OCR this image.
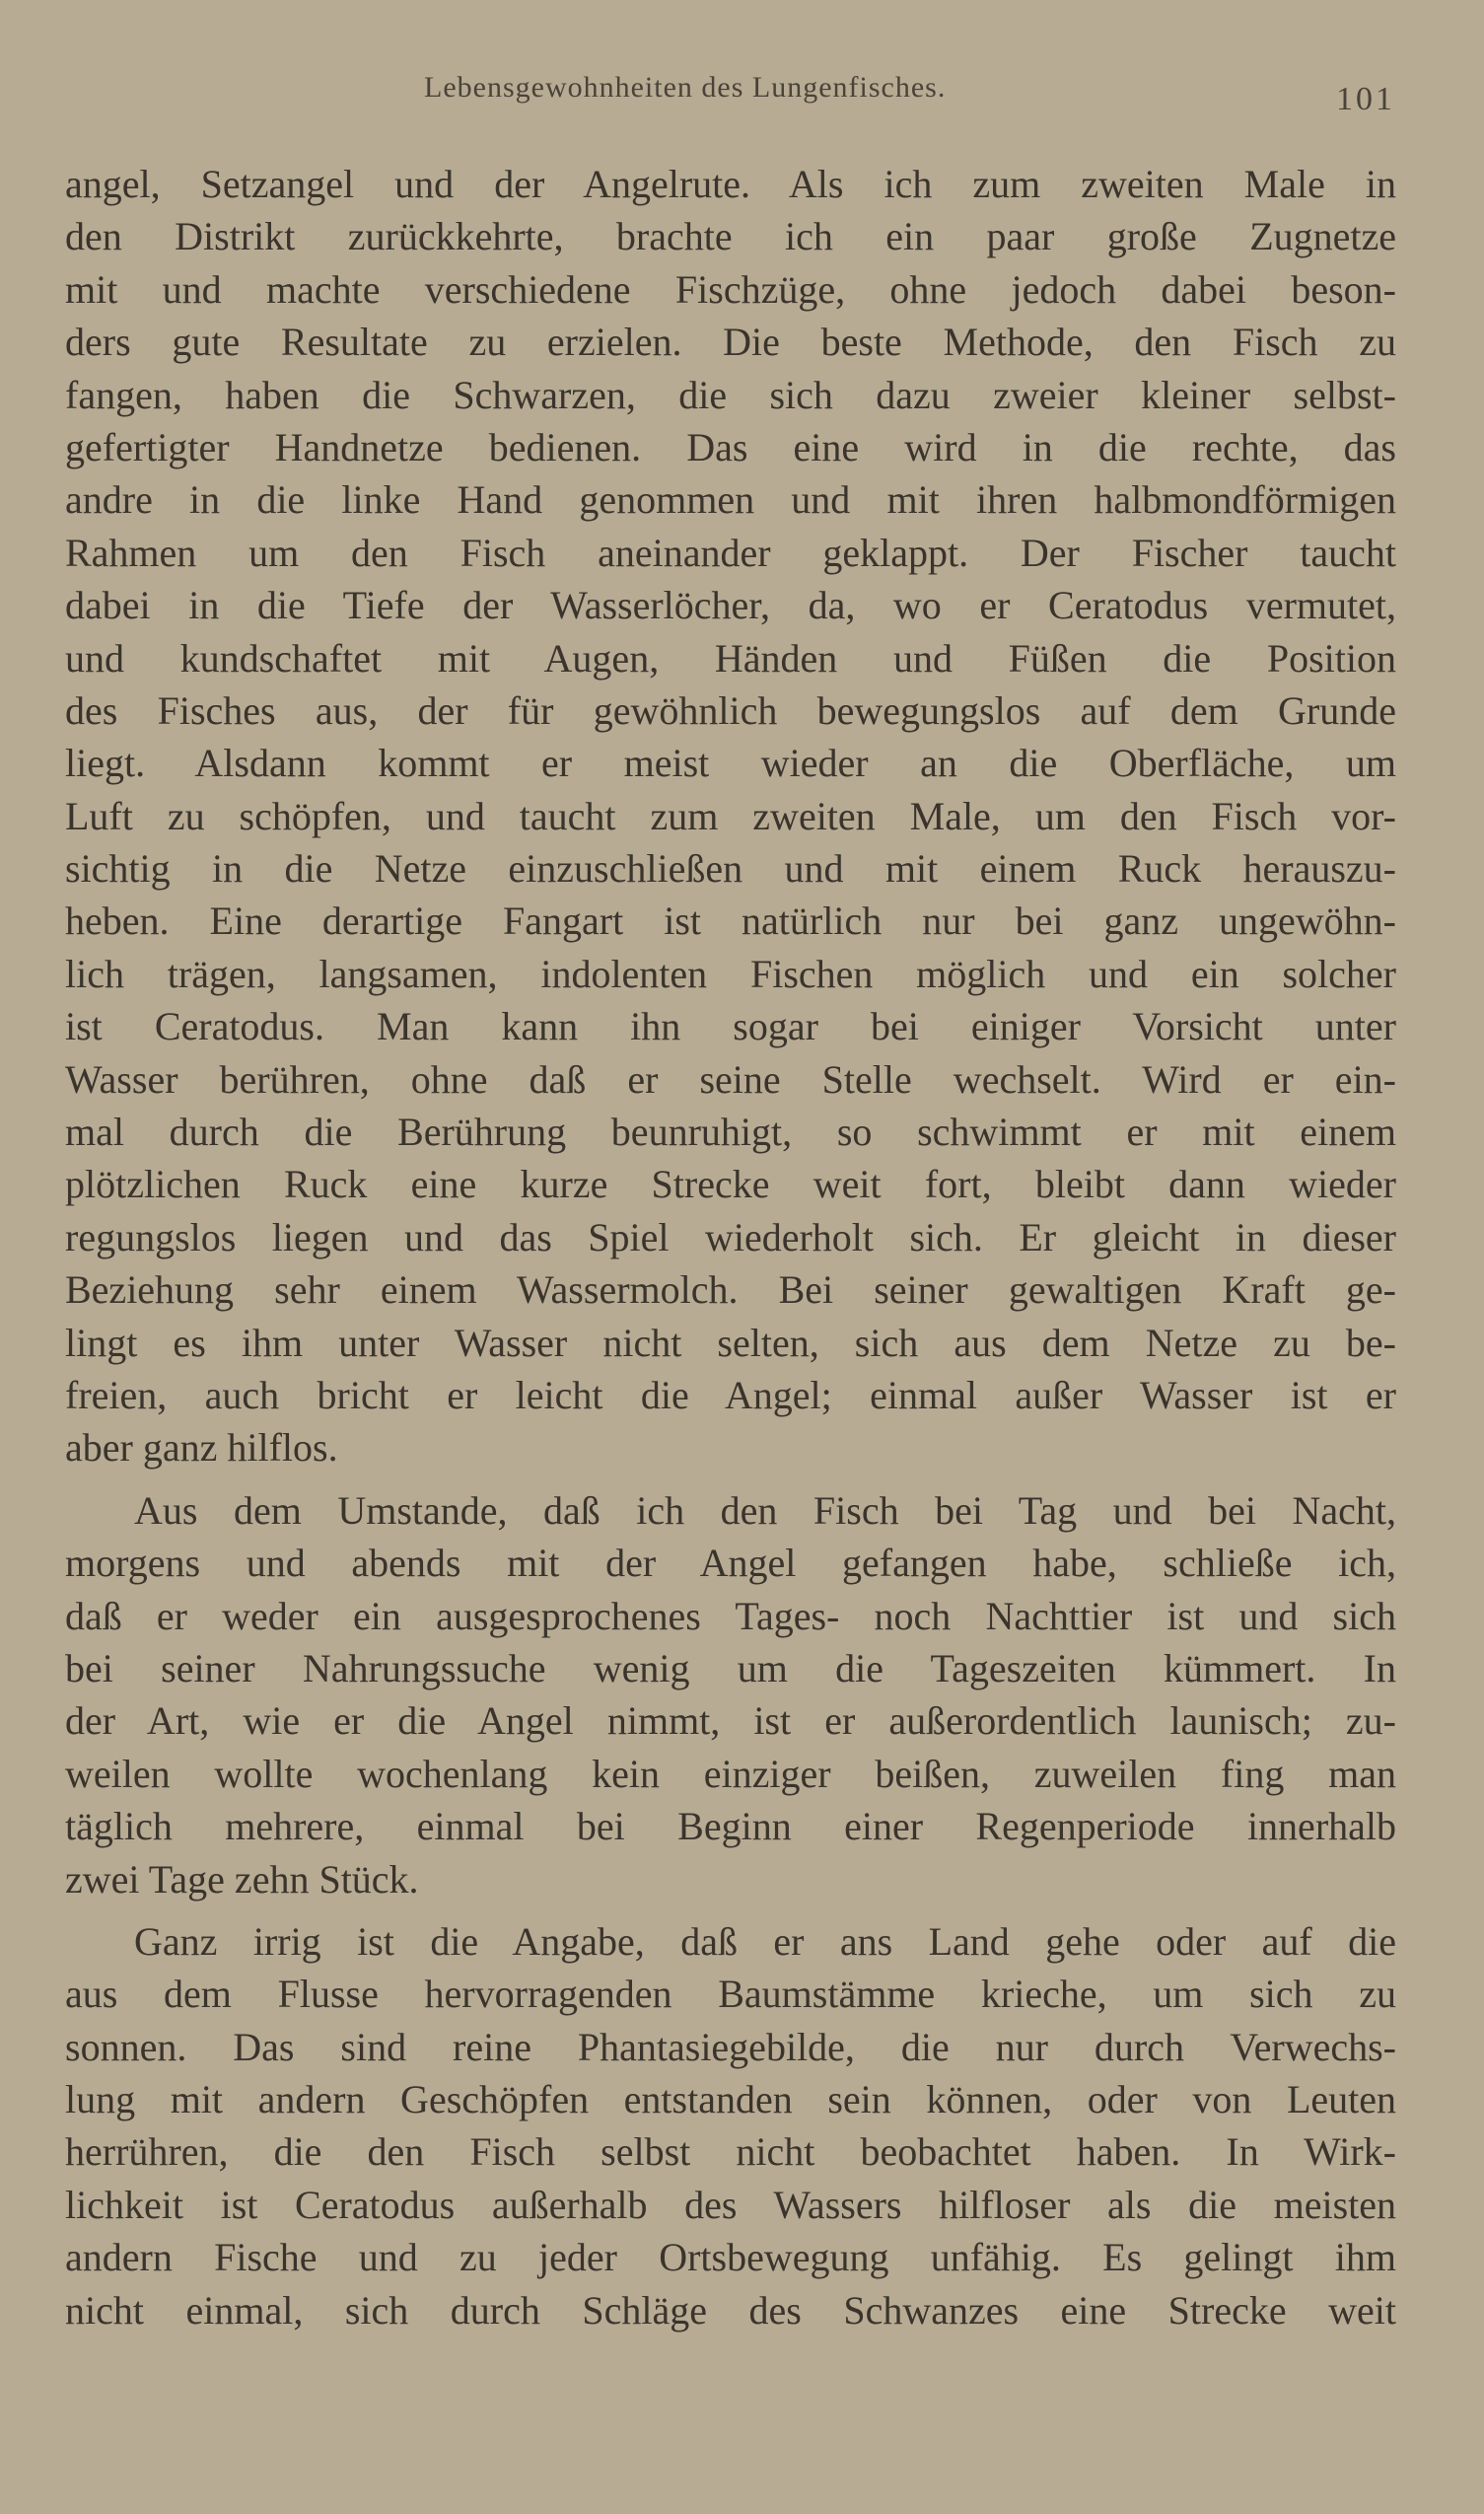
Lebensgewohnheiten des Lungenfisches.	101
angel, Setzangel und der Angelrute. Als ich zum zweiten Male in
den Distrikt zurückkehrte, brachte ich ein paar große Zugnetze
mit und machte verschiedene Fischzüge, ohne jedoch dabei beson-
ders gute Resultate zu erzielen. Die beste Methode, den Fisch zu
fangen, haben die Schwarzen, die sich dazu zweier kleiner selbst-
gefertigter Handnetze bedienen. Das eine wird in die rechte, das
andre in die linke Hand genommen und mit ihren halbmondförmigen
Rahmen um den Fisch aneinander geklappt. Der Fischer taucht
dabei in die Tiefe der Wasserlöcher, da, wo er Ceratodus vermutet,
und kundschaftet mit Augen, Händen und Füßen die Position
des Fisches aus, der für gewöhnlich bewegungslos auf dem Grunde
liegt. Alsdann kommt er meist wieder an die Oberfläche, um
Luft zu schöpfen, und taucht zum zweiten Male, um den Fisch vor-
sichtig in die Netze einzuschließen und mit einem Ruck herauszu-
heben. Eine derartige Fangart ist natürlich nur bei ganz ungewöhn-
lich trägen, langsamen, indolenten Fischen möglich und ein solcher
ist Ceratodus. Man kann ihn sogar bei einiger Vorsicht unter
Wasser berühren, ohne daß er seine Stelle wechselt. Wird er ein-
mal durch die Berührung beunruhigt, so schwimmt er mit einem
plötzlichen Ruck eine kurze Strecke weit fort, bleibt dann wieder
regungslos liegen und das Spiel wiederholt sich. Er gleicht in dieser
Beziehung sehr einem Wassermolch. Bei seiner gewaltigen Kraft ge-
lingt es ihm unter Wasser nicht selten, sich aus dem Netze zu be-
freien, auch bricht er leicht die Angel; einmal außer Wasser ist er
aber ganz hilflos.
Aus dem Umstande, daß ich den Fisch bei Tag und bei Nacht,
morgens und abends mit der Angel gefangen habe, schließe ich,
daß er weder ein ausgesprochenes Tages- noch Nachttier ist und sich
bei seiner Nahrungssuche wenig um die Tageszeiten kümmert. In
der Art, wie er die Angel nimmt, ist er außerordentlich launisch; zu-
weilen wollte wochenlang kein einziger beißen, zuweilen fing man
täglich mehrere, einmal bei Beginn einer Regenperiode innerhalb
zwei Tage zehn Stück.
Ganz irrig ist die Angabe, daß er ans Land gehe oder auf die
aus dem Flusse hervorragenden Baumstämme krieche, um sich zu
sonnen. Das sind reine Phantasiegebilde, die nur durch Verwechs-
lung mit andern Geschöpfen entstanden sein können, oder von Leuten
herrühren, die den Fisch selbst nicht beobachtet haben. In Wirk-
lichkeit ist Ceratodus außerhalb des Wassers hilfloser als die meisten
andern Fische und zu jeder Ortsbewegung unfähig. Es gelingt ihm
nicht einmal, sich durch Schläge des Schwanzes eine Strecke weit
